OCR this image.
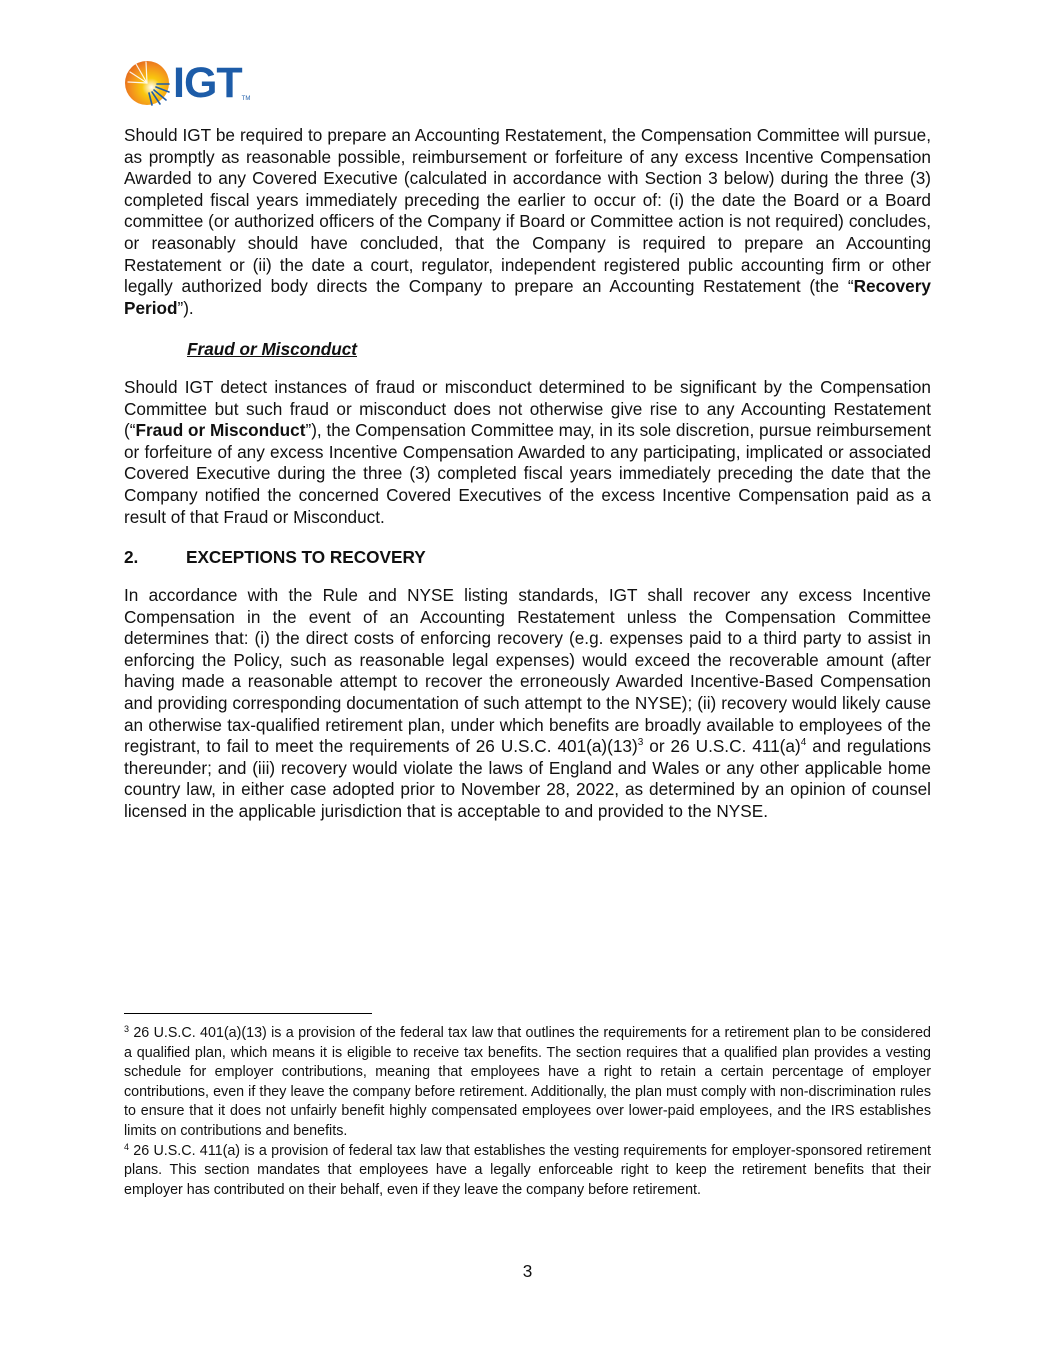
IGT TM
Should IGT be required to prepare an Accounting Restatement, the Compensation Committee will pursue, as promptly as reasonable possible, reimbursement or forfeiture of any excess Incentive Compensation Awarded to any Covered Executive (calculated in accordance with Section 3 below) during the three (3) completed fiscal years immediately preceding the earlier to occur of: (i) the date the Board or a Board committee (or authorized officers of the Company if Board or Committee action is not required) concludes, or reasonably should have concluded, that the Company is required to prepare an Accounting Restatement or (ii) the date a court, regulator, independent registered public accounting firm or other legally authorized body directs the Company to prepare an Accounting Restatement (the “Recovery Period”).
Fraud or Misconduct
Should IGT detect instances of fraud or misconduct determined to be significant by the Compensation Committee but such fraud or misconduct does not otherwise give rise to any Accounting Restatement (“Fraud or Misconduct”), the Compensation Committee may, in its sole discretion, pursue reimbursement or forfeiture of any excess Incentive Compensation Awarded to any participating, implicated or associated Covered Executive during the three (3) completed fiscal years immediately preceding the date that the Company notified the concerned Covered Executives of the excess Incentive Compensation paid as a result of that Fraud or Misconduct.
2.	EXCEPTIONS TO RECOVERY
In accordance with the Rule and NYSE listing standards, IGT shall recover any excess Incentive Compensation in the event of an Accounting Restatement unless the Compensation Committee determines that: (i) the direct costs of enforcing recovery (e.g. expenses paid to a third party to assist in enforcing the Policy, such as reasonable legal expenses) would exceed the recoverable amount (after having made a reasonable attempt to recover the erroneously Awarded Incentive-Based Compensation and providing corresponding documentation of such attempt to the NYSE); (ii) recovery would likely cause an otherwise tax-qualified retirement plan, under which benefits are broadly available to employees of the registrant, to fail to meet the requirements of 26 U.S.C. $401(a)(13)^3$ or 26 U.S.C. $411(a)^4$ and regulations thereunder; and (iii) recovery would violate the laws of England and Wales or any other applicable home country law, in either case adopted prior to November 28, 2022, as determined by an opinion of counsel licensed in the applicable jurisdiction that is acceptable to and provided to the NYSE.

$^3$ 26 U.S.C. 401(a)(13) is a provision of the federal tax law that outlines the requirements for a retirement plan to be considered a qualified plan, which means it is eligible to receive tax benefits. The section requires that a qualified plan provides a vesting schedule for employer contributions, meaning that employees have a right to retain a certain percentage of employer contributions, even if they leave the company before retirement. Additionally, the plan must comply with non-discrimination rules to ensure that it does not unfairly benefit highly compensated employees over lower-paid employees, and the IRS establishes limits on contributions and benefits.

$^4$ 26 U.S.C. 411(a) is a provision of federal tax law that establishes the vesting requirements for employer-sponsored retirement plans. This section mandates that employees have a legally enforceable right to keep the retirement benefits that their employer has contributed on their behalf, even if they leave the company before retirement.

3
